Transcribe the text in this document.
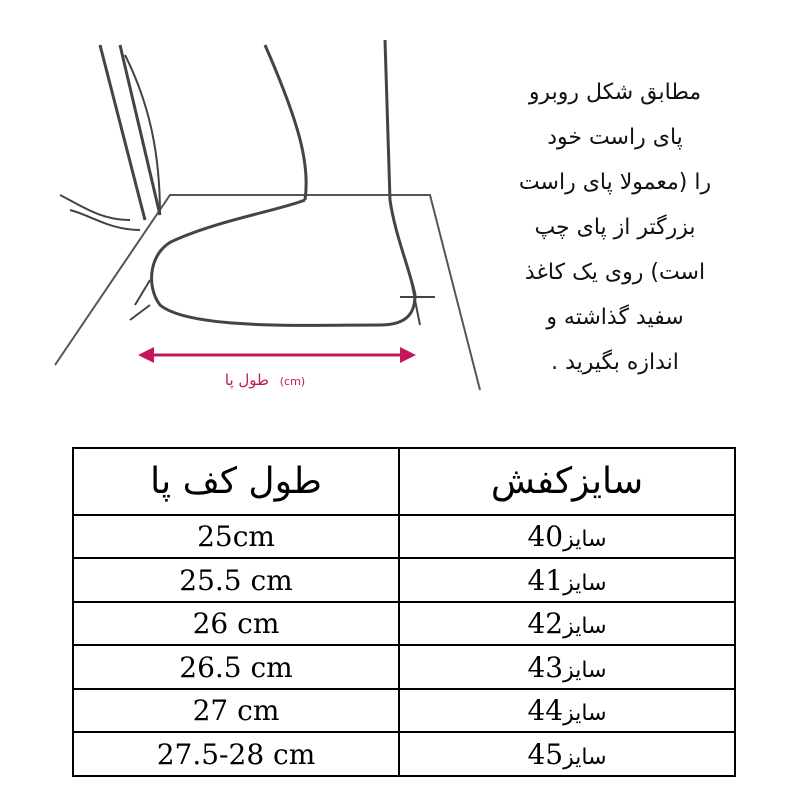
طول پا (cm)
مطابق شکل روبرو
پای راست خود
را (معمولا پای راست
بزرگتر از پای چپ
است) روی یک کاغذ
سفید گذاشته و
اندازه بگیرید .
طول کف پا	سایزکفش
25cm	40سایز
25.5 cm	41سایز
26 cm	42سایز
26.5 cm	43سایز
27 cm	44سایز
27.5-28 cm	45سایز
